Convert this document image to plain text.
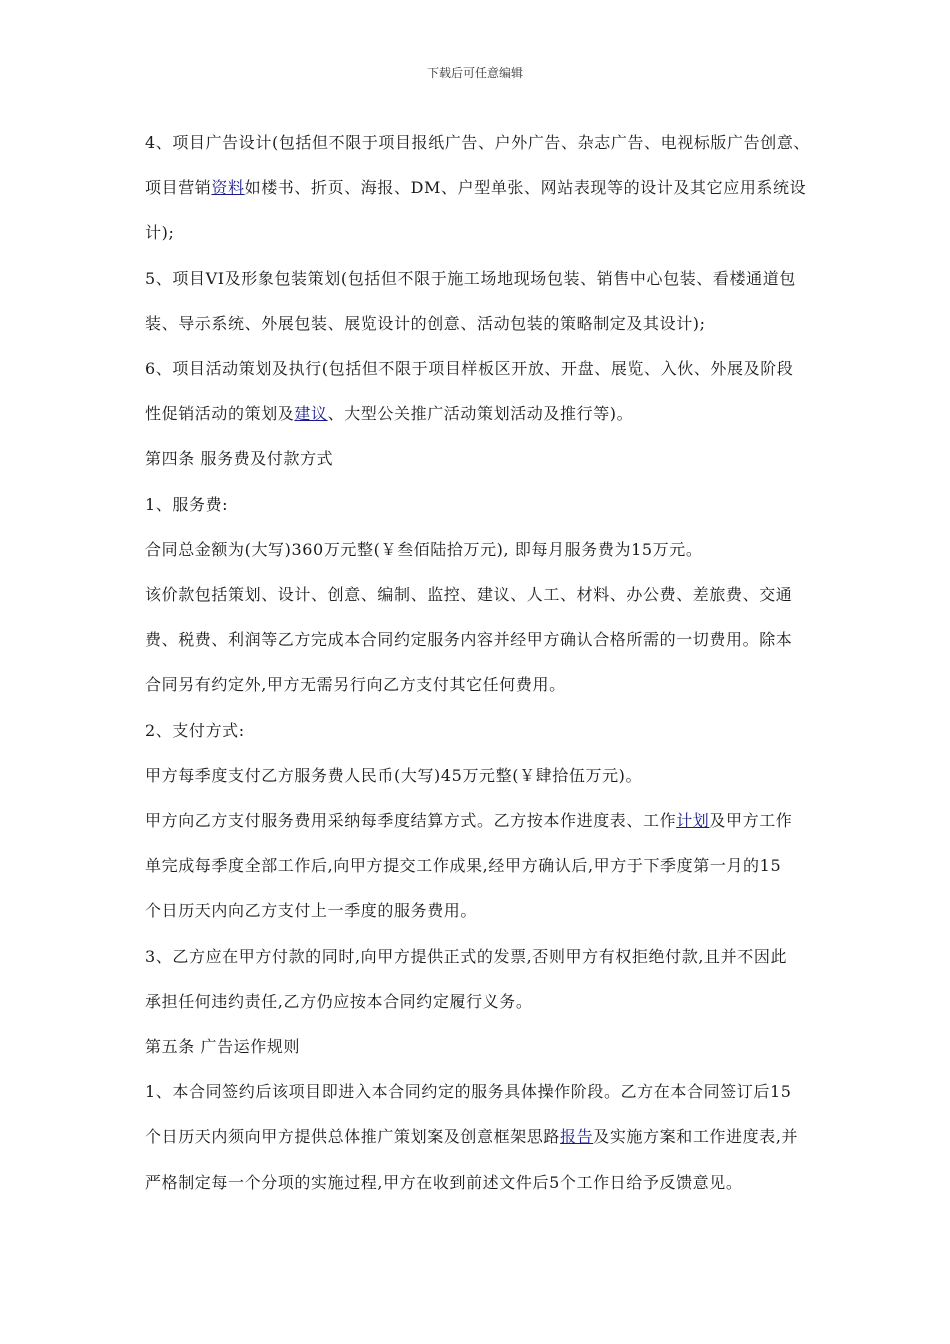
下载后可任意编辑

4、项目广告设计(包括但不限于项目报纸广告、户外广告、杂志广告、电视标版广告创意、

项目营销资料如楼书、折页、海报、DM、户型单张、网站表现等的设计及其它应用系统设

计);

5、项目VI及形象包装策划(包括但不限于施工场地现场包装、销售中心包装、看楼通道包

装、导示系统、外展包装、展览设计的创意、活动包装的策略制定及其设计);

6、项目活动策划及执行(包括但不限于项目样板区开放、开盘、展览、入伙、外展及阶段

性促销活动的策划及建议、大型公关推广活动策划活动及推行等)。

第四条 服务费及付款方式

1、服务费:

合同总金额为(大写)360万元整(￥叁佰陆拾万元), 即每月服务费为15万元。

该价款包括策划、设计、创意、编制、监控、建议、人工、材料、办公费、差旅费、交通

费、税费、利润等乙方完成本合同约定服务内容并经甲方确认合格所需的一切费用。除本

合同另有约定外,甲方无需另行向乙方支付其它任何费用。

2、支付方式:

甲方每季度支付乙方服务费人民币(大写)45万元整(￥肆拾伍万元)。

甲方向乙方支付服务费用采纳每季度结算方式。乙方按本作进度表、工作计划及甲方工作

单完成每季度全部工作后,向甲方提交工作成果,经甲方确认后,甲方于下季度第一月的15

个日历天内向乙方支付上一季度的服务费用。

3、乙方应在甲方付款的同时,向甲方提供正式的发票,否则甲方有权拒绝付款,且并不因此

承担任何违约责任,乙方仍应按本合同约定履行义务。

第五条 广告运作规则

1、本合同签约后该项目即进入本合同约定的服务具体操作阶段。乙方在本合同签订后15

个日历天内须向甲方提供总体推广策划案及创意框架思路报告及实施方案和工作进度表,并

严格制定每一个分项的实施过程,甲方在收到前述文件后5个工作日给予反馈意见。
